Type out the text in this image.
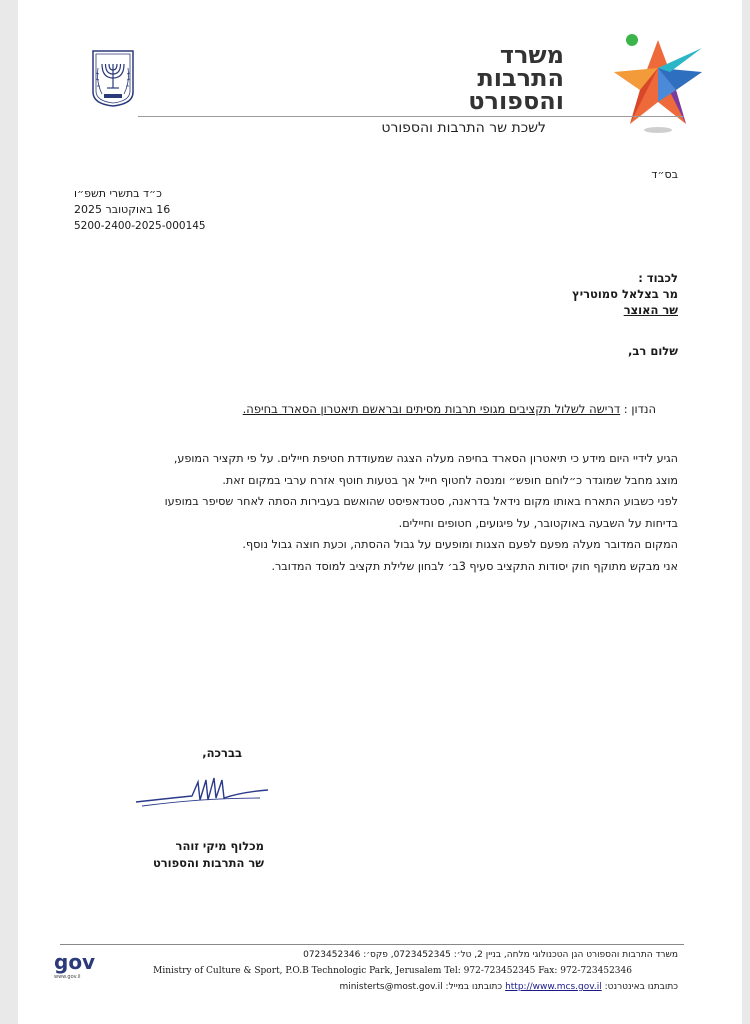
משרד
התרבות
והספורט
לשכת שר התרבות והספורט
בס״ד
כ״ד בתשרי תשפ״ו
16 באוקטובר 2025
5200-2400-2025-000145
לכבוד :
מר בצלאל סמוטריץ
שר האוצר
שלום רב,
הנדון : דרישה לשלול תקציבים מגופי תרבות מסיתים ובראשם תיאטרון הסארד בחיפה.
הגיע לידיי היום מידע כי תיאטרון הסארד בחיפה מעלה הצגה שמעודדת חטיפת חיילים. על פי תקציר המופע,
מוצג מחבל שמוגדר כ״לוחם חופש״ ומנסה לחטוף חייל אך בטעות חוטף אזרח ערבי במקום זאת.
לפני כשבוע התארח באותו מקום נידאל בדראנה, סטנדאפיסט שהואשם בעבירות הסתה לאחר שסיפר במופעו
בדיחות על השבעה באוקטובר, על פיגועים, חטופים וחיילים.
המקום המדובר מעלה מפעם לפעם הצגות ומופעים על גבול ההסתה, וכעת חוצה גבול נוסף.
אני מבקש מתוקף חוק יסודות התקציב סעיף 3ב׳ לבחון שלילת תקציב למוסד המדובר.
בברכה,
מכלוף מיקי זוהר
שר התרבות והספורט
gov
www.gov.il
משרד התרבות והספורט הגן הטכנולוגי מלחה, בניין 2, טל׳: 0723452345, פקס׳: 0723452346
Ministry of Culture & Sport, P.O.B Technologic Park, Jerusalem Tel: 972-723452345 Fax: 972-723452346
כתובתנו באינטרנט: http://www.mcs.gov.il כתובתנו במייל: ministerts@most.gov.il
